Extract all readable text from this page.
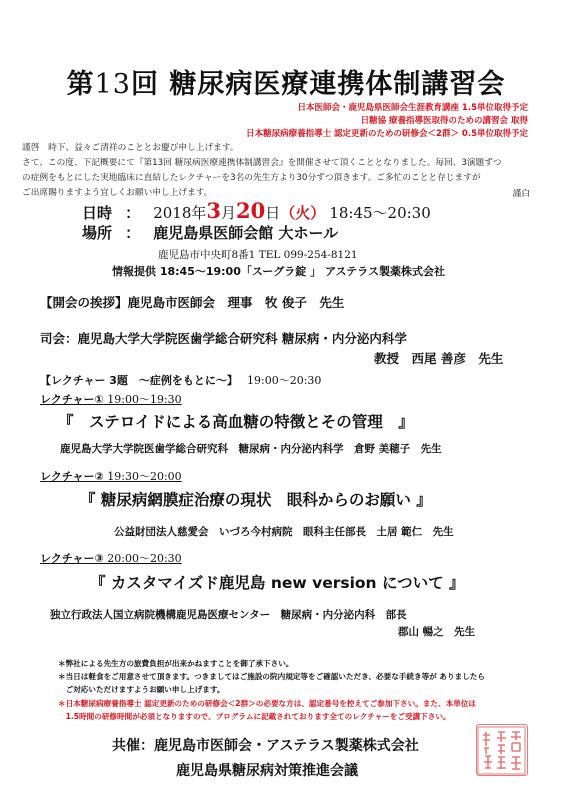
第13回 糖尿病医療連携体制講習会
日本医師会・鹿児島県医師会生涯教育講座 1.5単位取得予定
日糖協 療養指導医取得のための講習会 取得
日本糖尿病療養指導士 認定更新のための研修会＜2群＞ 0.5単位取得予定
謹啓　時下、益々ご清祥のこととお慶び申し上げます。
さて、この度、下記概要にて『第13回 糖尿病医療連携体制講習会』を開催させて頂くこととなりました。毎回、3演題ずつ
の症例をもとにした実地臨床に直結したレクチャーを3名の先生方より30分ずつ頂きます。ご多忙のことと存じますが
ご出席賜りますよう宜しくお願い申し上げます。	謹白
日時 ： 2018年3月20日（火） 18:45〜20:30
場所 ： 鹿児島県医師会館 大ホール
鹿児島市中央町8番1 TEL 099-254-8121
情報提供 18:45〜19:00「スーグラ錠 」 アステラス製薬株式会社
【開会の挨拶】鹿児島市医師会　理事　牧 俊子　先生
司会：鹿児島大学大学院医歯学総合研究科 糖尿病・内分泌内科学
教授　西尾 善彦　先生
【レクチャー 3題　～症例をもとに～】 19:00〜20:30
レクチャー① 19:00〜19:30
『　ステロイドによる高血糖の特徴とその管理　』
鹿児島大学大学院医歯学総合研究科　糖尿病・内分泌内科学　倉野 美穂子　先生
レクチャー② 19:30〜20:00
『 糖尿病網膜症治療の現状　眼科からのお願い 』
公益財団法人慈愛会　いづろ今村病院　眼科主任部長　土居 範仁　先生
レクチャー③ 20:00〜20:30
『 カスタマイズド鹿児島 new version について 』
独立行政法人国立病院機構鹿児島医療センター　糖尿病・内分泌内科　部長
郡山 暢之　先生
＊弊社による先生方の旅費負担が出来かねますことを御了承下さい。
＊当日は軽食をご用意させて頂きます。つきましてはご施設の院内規定等をご確認いただき、必要な手続き等が ありましたら
　ご対応いただけますようお願い申し上げます。
＊日本糖尿病療養指導士 認定更新のための研修会＜2群＞の必要な方は、認定番号を控えてご参加下さい。また、本単位は
　1.5時間の研修時間が必須となりますので、プログラムに記載されております全てのレクチャーをご受講下さい。
共催：鹿児島市医師会・アステラス製薬株式会社
鹿児島県糖尿病対策推進会議
